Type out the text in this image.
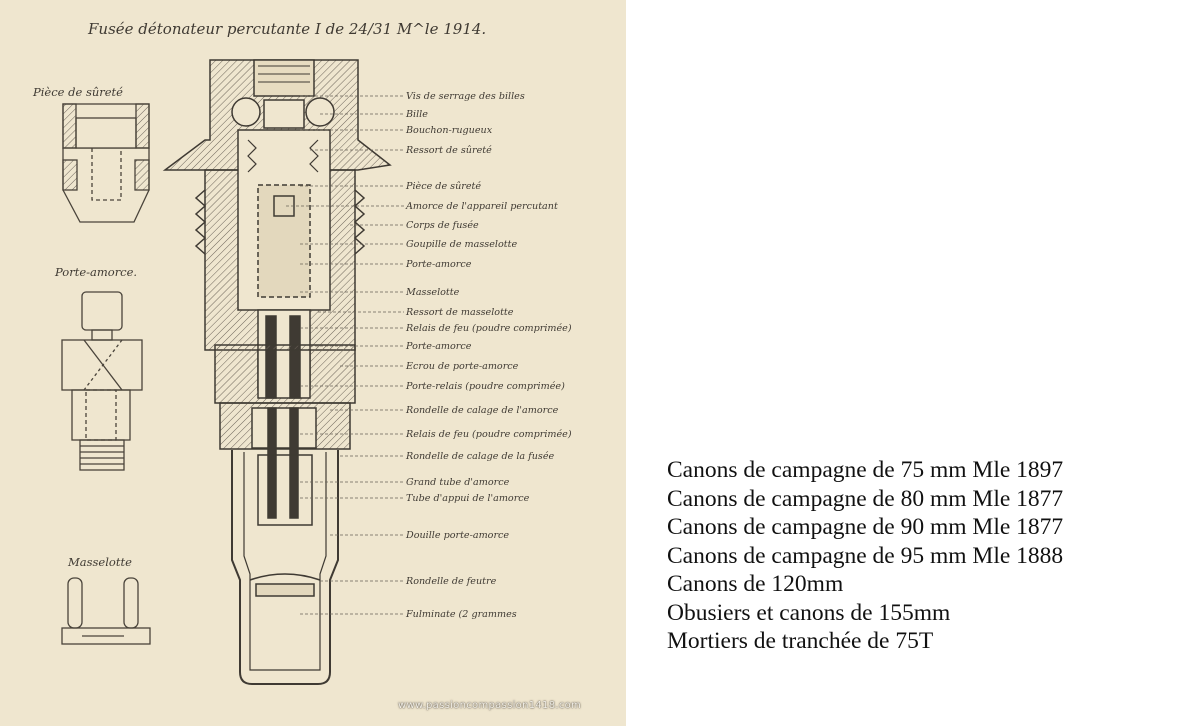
Fusée détonateur percutante I de 24/31 M^le 1914.
Pièce de sûreté
Porte-amorce.
Masselotte
Vis de serrage des billes
Bille
Bouchon-rugueux
Ressort de sûreté
Pièce de sûreté
Amorce de l'appareil percutant
Corps de fusée
Goupille de masselotte
Porte-amorce
Masselotte
Ressort de masselotte
Relais de feu (poudre comprimée)
Porte-amorce
Ecrou de porte-amorce
Porte-relais (poudre comprimée)
Rondelle de calage de l'amorce
Relais de feu (poudre comprimée)
Rondelle de calage de la fusée
Grand tube d'amorce
Tube d'appui de l'amorce
Douille porte-amorce
Rondelle de feutre
Fulminate (2 grammes
www.passioncompassion1418.com
Canons de campagne de 75 mm Mle 1897
Canons de campagne de 80 mm Mle 1877
Canons de campagne de 90 mm Mle 1877
Canons de campagne de 95 mm Mle 1888
Canons de 120mm
Obusiers et canons de 155mm
Mortiers de tranchée de 75T
